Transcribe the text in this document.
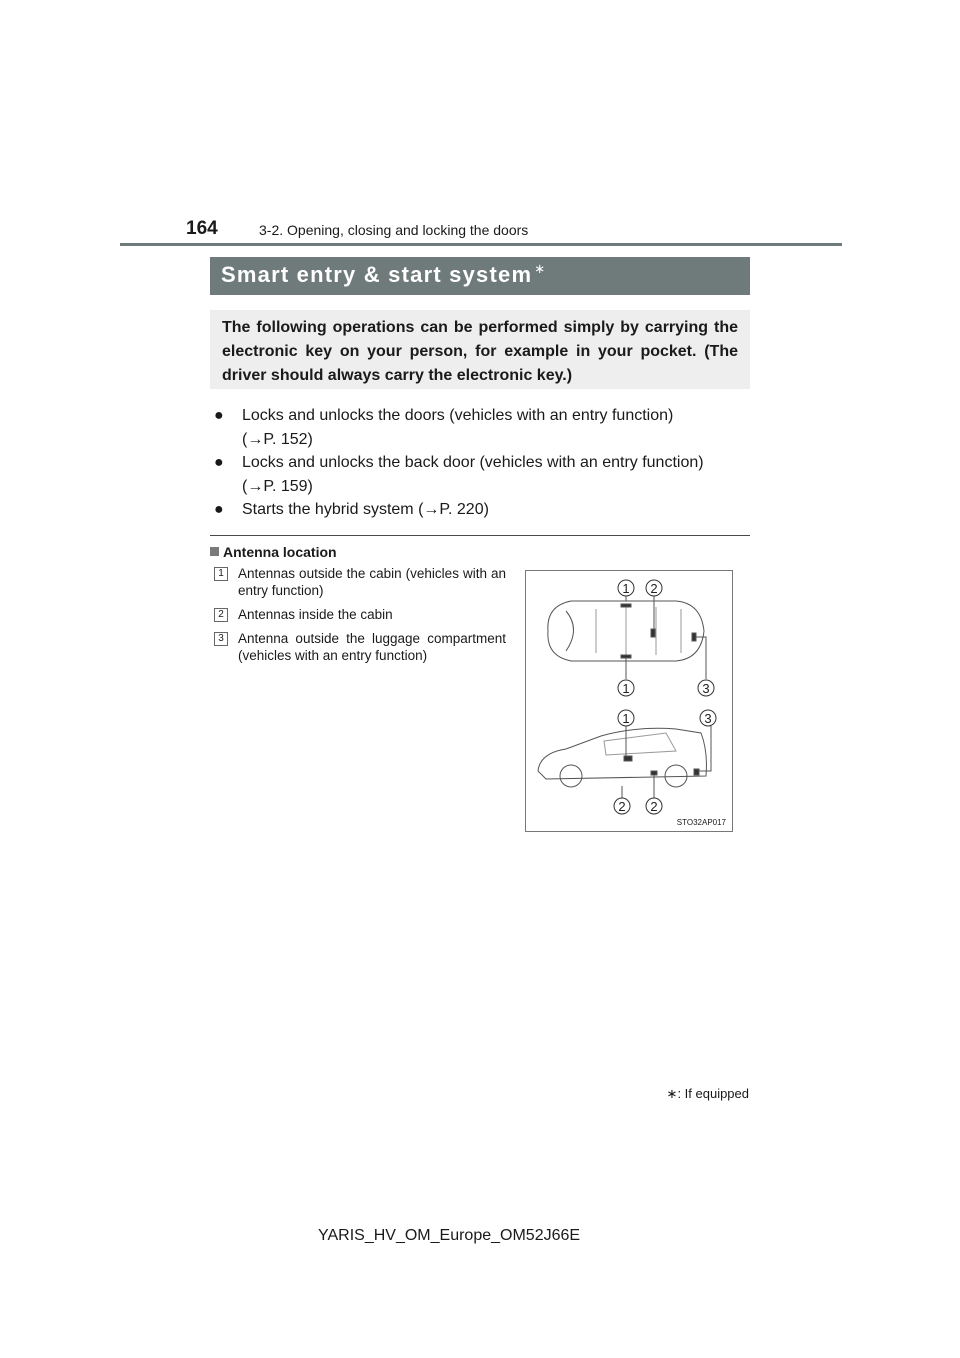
164	3-2. Opening, closing and locking the doors
Smart entry & start system ∗

The following operations can be performed simply by carrying the electronic key on your person, for example in your pocket. (The driver should always carry the electronic key.)

● Locks and unlocks the doors (vehicles with an entry function)
(→P. 152)
● Locks and unlocks the back door (vehicles with an entry function)
(→P. 159)
● Starts the hybrid system (→P. 220)
Antenna location
1	Antennas outside the cabin (vehicles with an entry function)
2	Antennas inside the cabin
3	Antenna outside the luggage compartment (vehicles with an entry function)
1 2
1	3
1	3
2 2
STO32AP017
∗: If equipped
YARIS_HV_OM_Europe_OM52J66E
